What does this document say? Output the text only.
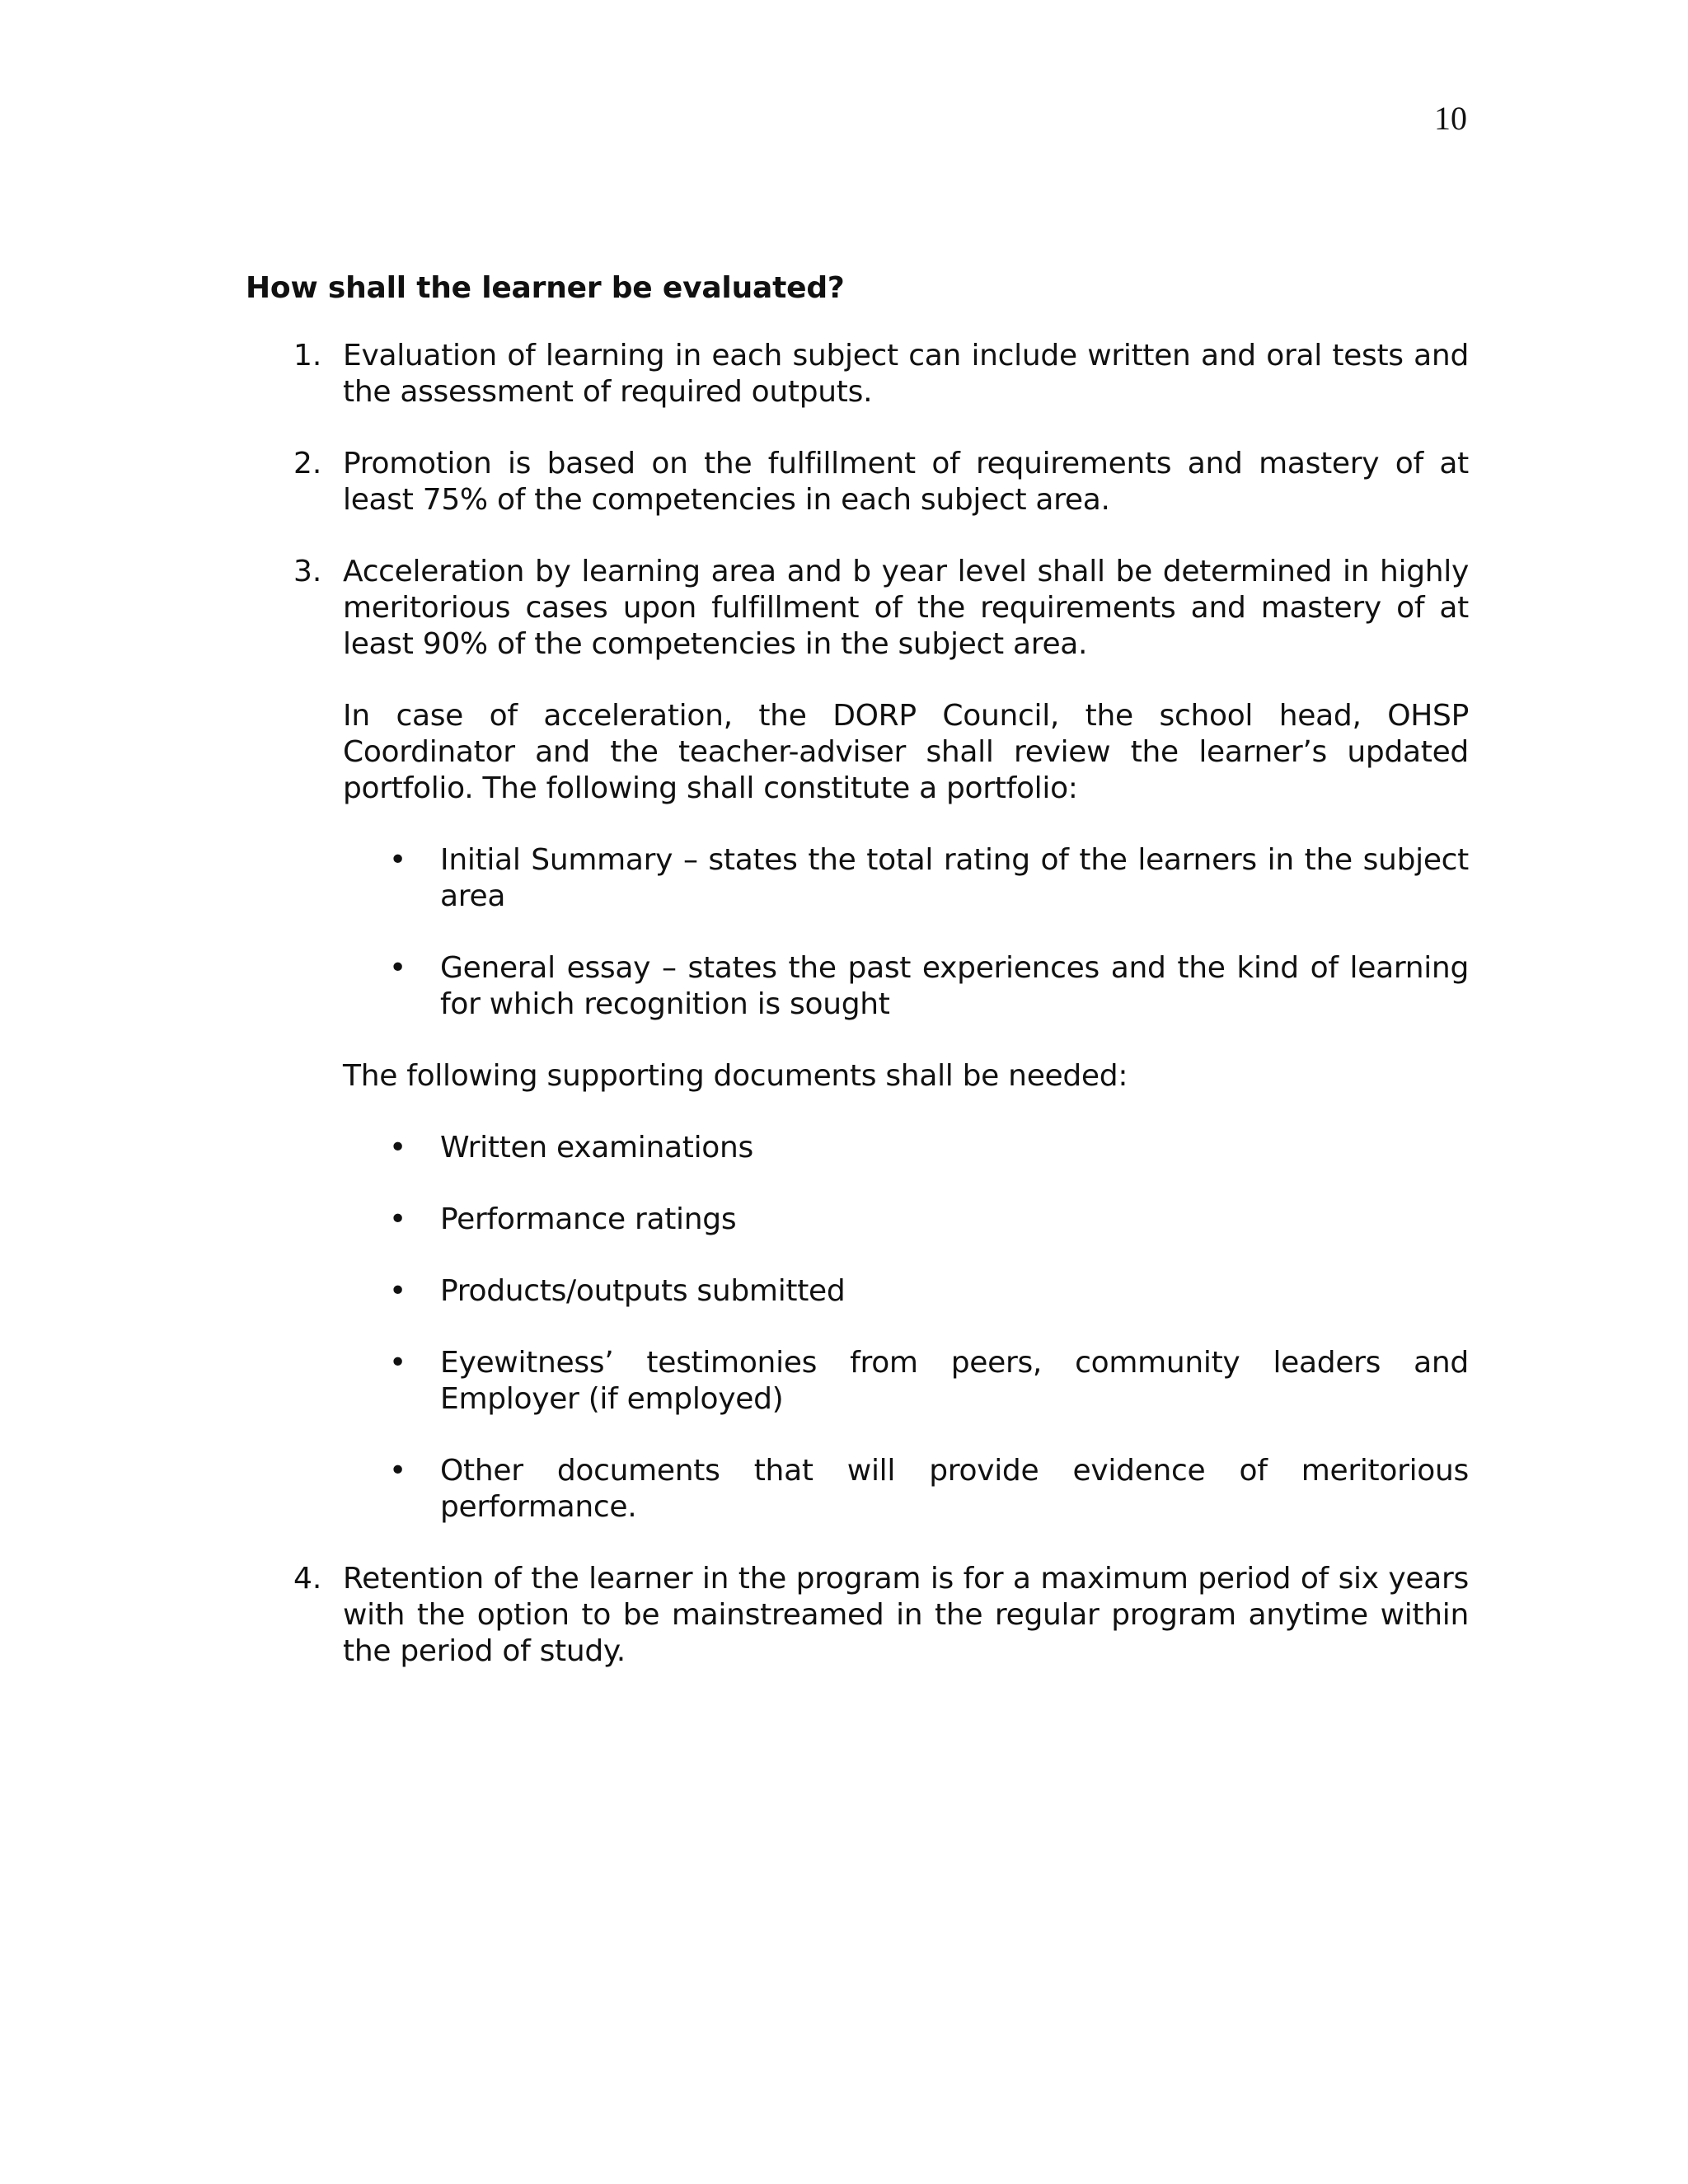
10
How shall the learner be evaluated?
1. Evaluation of learning in each subject can include written and oral tests and the assessment of required outputs.

2. Promotion is based on the fulfillment of requirements and mastery of at least 75% of the competencies in each subject area.

3. Acceleration by learning area and b year level shall be determined in highly meritorious cases upon fulfillment of the requirements and mastery of at least 90% of the competencies in the subject area.

In case of acceleration, the DORP Council, the school head, OHSP Coordinator and the teacher-adviser shall review the learner’s updated portfolio. The following shall constitute a portfolio:

• Initial Summary – states the total rating of the learners in the subject area

• General essay – states the past experiences and the kind of learning for which recognition is sought

The following supporting documents shall be needed:

• Written examinations

• Performance ratings

• Products/outputs submitted

• Eyewitness’ testimonies from peers, community leaders and Employer (if employed)

• Other documents that will provide evidence of meritorious performance.

4. Retention of the learner in the program is for a maximum period of six years with the option to be mainstreamed in the regular program anytime within the period of study.
